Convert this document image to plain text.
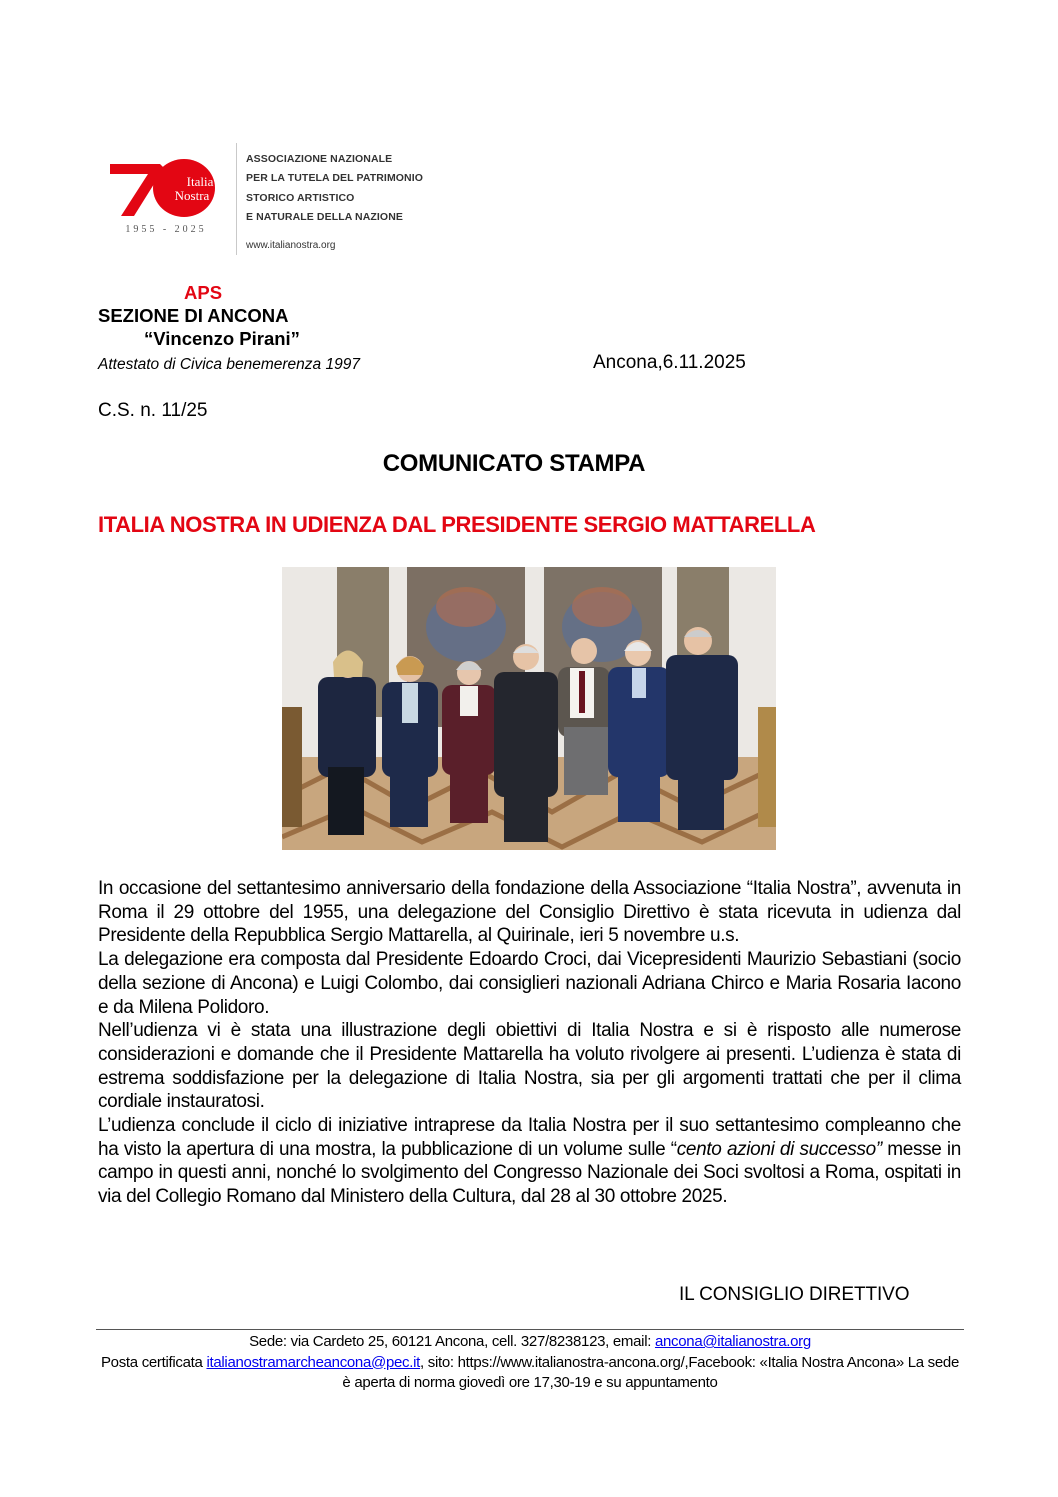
Italia
Nostra
1955 - 2025
ASSOCIAZIONE NAZIONALE
PER LA TUTELA DEL PATRIMONIO
STORICO ARTISTICO
E NATURALE DELLA NAZIONE
www.italianostra.org
APS
SEZIONE DI ANCONA
“Vincenzo Pirani”
Attestato di Civica benemerenza 1997	Ancona,6.11.2025
C.S. n. 11/25
COMUNICATO STAMPA
ITALIA NOSTRA IN UDIENZA DAL PRESIDENTE SERGIO MATTARELLA

In occasione del settantesimo anniversario della fondazione della Associazione “Italia Nostra”, avvenuta in Roma il 29 ottobre del 1955, una delegazione del Consiglio Direttivo è stata ricevuta in udienza dal Presidente della Repubblica Sergio Mattarella, al Quirinale, ieri 5 novembre u.s.

La delegazione era composta dal Presidente Edoardo Croci, dai Vicepresidenti Maurizio Sebastiani (socio della sezione di Ancona) e Luigi Colombo, dai consiglieri nazionali Adriana Chirco e Maria Rosaria Iacono e da Milena Polidoro.

Nell’udienza vi è stata una illustrazione degli obiettivi di Italia Nostra e si è risposto alle numerose considerazioni e domande che il Presidente Mattarella ha voluto rivolgere ai presenti. L’udienza è stata di estrema soddisfazione per la delegazione di Italia Nostra, sia per gli argomenti trattati che per il clima cordiale instauratosi.

L’udienza conclude il ciclo di iniziative intraprese da Italia Nostra per il suo settantesimo compleanno che ha visto la apertura di una mostra, la pubblicazione di un volume sulle “cento azioni di successo” messe in campo in questi anni, nonché lo svolgimento del Congresso Nazionale dei Soci svoltosi a Roma, ospitati in via del Collegio Romano dal Ministero della Cultura, dal 28 al 30 ottobre 2025.

IL CONSIGLIO DIRETTIVO
Sede: via Cardeto 25, 60121 Ancona, cell. 327/8238123, email: ancona@italianostra.org
Posta certificata italianostramarcheancona@pec.it, sito: https://www.italianostra-ancona.org/,Facebook: «Italia Nostra Ancona» La sede è aperta di norma giovedì ore 17,30-19 e su appuntamento
